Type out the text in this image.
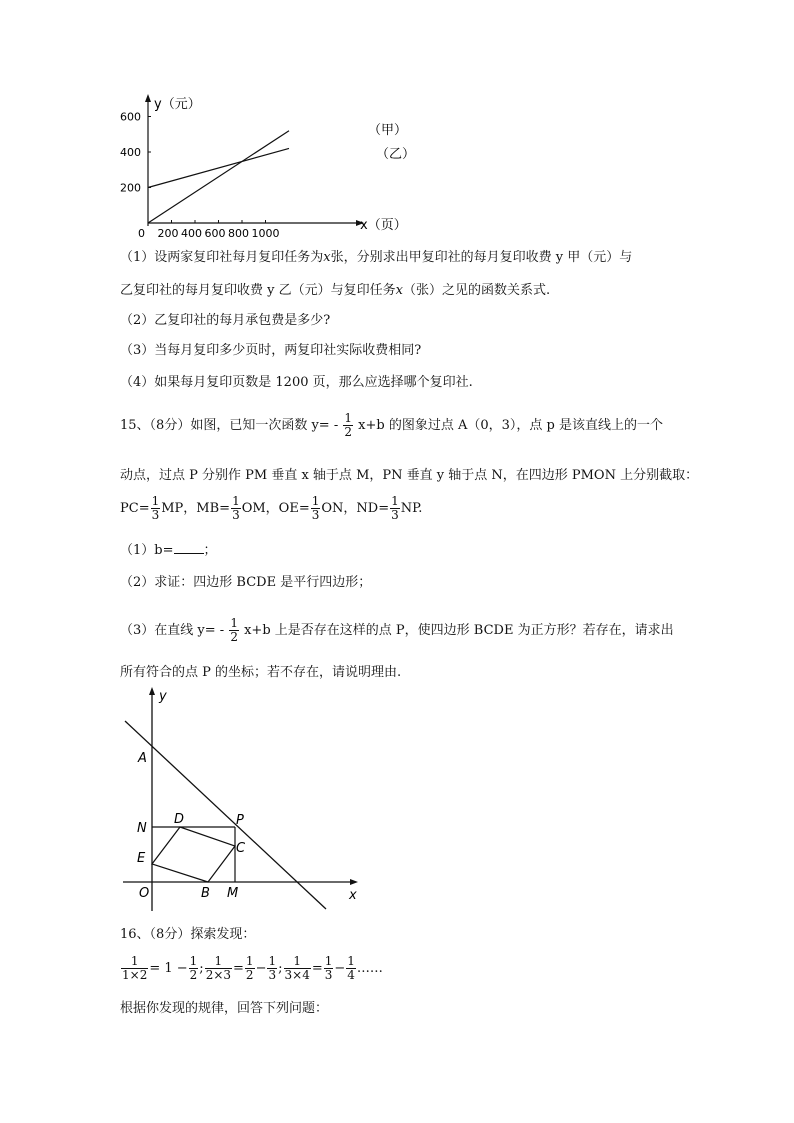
0 200 400 600 800 1000
200
400
600
y（元）
x（页）
（甲）
（乙）
（1）设两家复印社每月复印任务为x张，分别求出甲复印社的每月复印收费 y 甲（元）与
乙复印社的每月复印收费 y 乙（元）与复印任务x（张）之见的函数关系式.
（2）乙复印社的每月承包费是多少?
（3）当每月复印多少页时，两复印社实际收费相同?
（4）如果每月复印页数是 1200 页，那么应选择哪个复印社.
15、（8分）如图，已知一次函数 $y= - \frac{1}{2} x+b$ 的图象过点 A（0，3），点 p 是该直线上的一个
动点，过点 P 分别作 PM 垂直 x 轴于点 M，PN 垂直 y 轴于点 N，在四边形 PMON 上分别截取：
$PC= \frac{1}{3}$ MP，$MB= \frac{1}{3}$ OM，$OE= \frac{1}{3}$ ON，$ND= \frac{1}{3}$ NP.
（1）b= ；
（2）求证：四边形 BCDE 是平行四边形；
（3）在直线 $y= - \frac{1}{2} x+b$ 上是否存在这样的点 P，使四边形 BCDE 为正方形？若存在，请求出
所有符合的点 P 的坐标；若不存在，请说明理由.
y
x
A
N
D	P
C
E
O	B M
16、（8分）探索发现：
$\frac{1}{1\times 2} = 1 - \frac{1}{2}$ ; $\frac{1}{2\times 3} = \frac{1}{2} - \frac{1}{3}$ ; $\frac{1}{3\times 4} = \frac{1}{3} - \frac{1}{4}$ ……
根据你发现的规律，回答下列问题：
